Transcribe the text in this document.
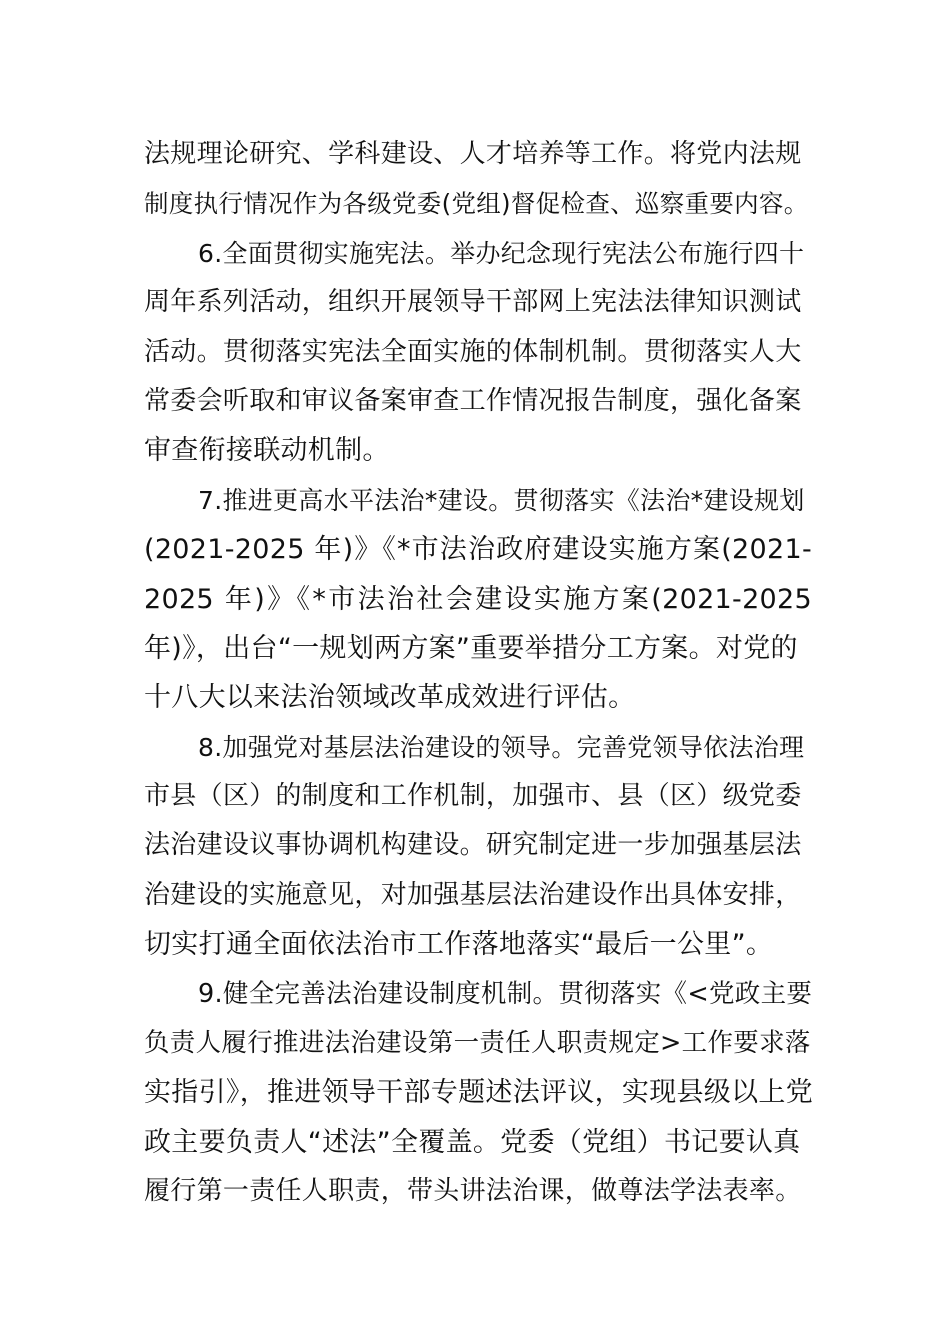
法规理论研究、学科建设、人才培养等工作。将党内法规
制度执行情况作为各级党委(党组)督促检查、巡察重要内容。
6.全面贯彻实施宪法。举办纪念现行宪法公布施行四十
周年系列活动，组织开展领导干部网上宪法法律知识测试
活动。贯彻落实宪法全面实施的体制机制。贯彻落实人大
常委会听取和审议备案审查工作情况报告制度，强化备案
审查衔接联动机制。
7.推进更高水平法治*建设。贯彻落实《法治*建设规划
(2021-2025 年)》《*市法治政府建设实施方案(2021-
2025 年)》《*市法治社会建设实施方案(2021-2025
年)》，出台“一规划两方案”重要举措分工方案。对党的
十八大以来法治领域改革成效进行评估。
8.加强党对基层法治建设的领导。完善党领导依法治理
市县（区）的制度和工作机制，加强市、县（区）级党委
法治建设议事协调机构建设。研究制定进一步加强基层法
治建设的实施意见，对加强基层法治建设作出具体安排，
切实打通全面依法治市工作落地落实“最后一公里”。
9.健全完善法治建设制度机制。贯彻落实《<党政主要
负责人履行推进法治建设第一责任人职责规定>工作要求落
实指引》，推进领导干部专题述法评议，实现县级以上党
政主要负责人“述法”全覆盖。党委（党组）书记要认真
履行第一责任人职责，带头讲法治课，做尊法学法表率。
